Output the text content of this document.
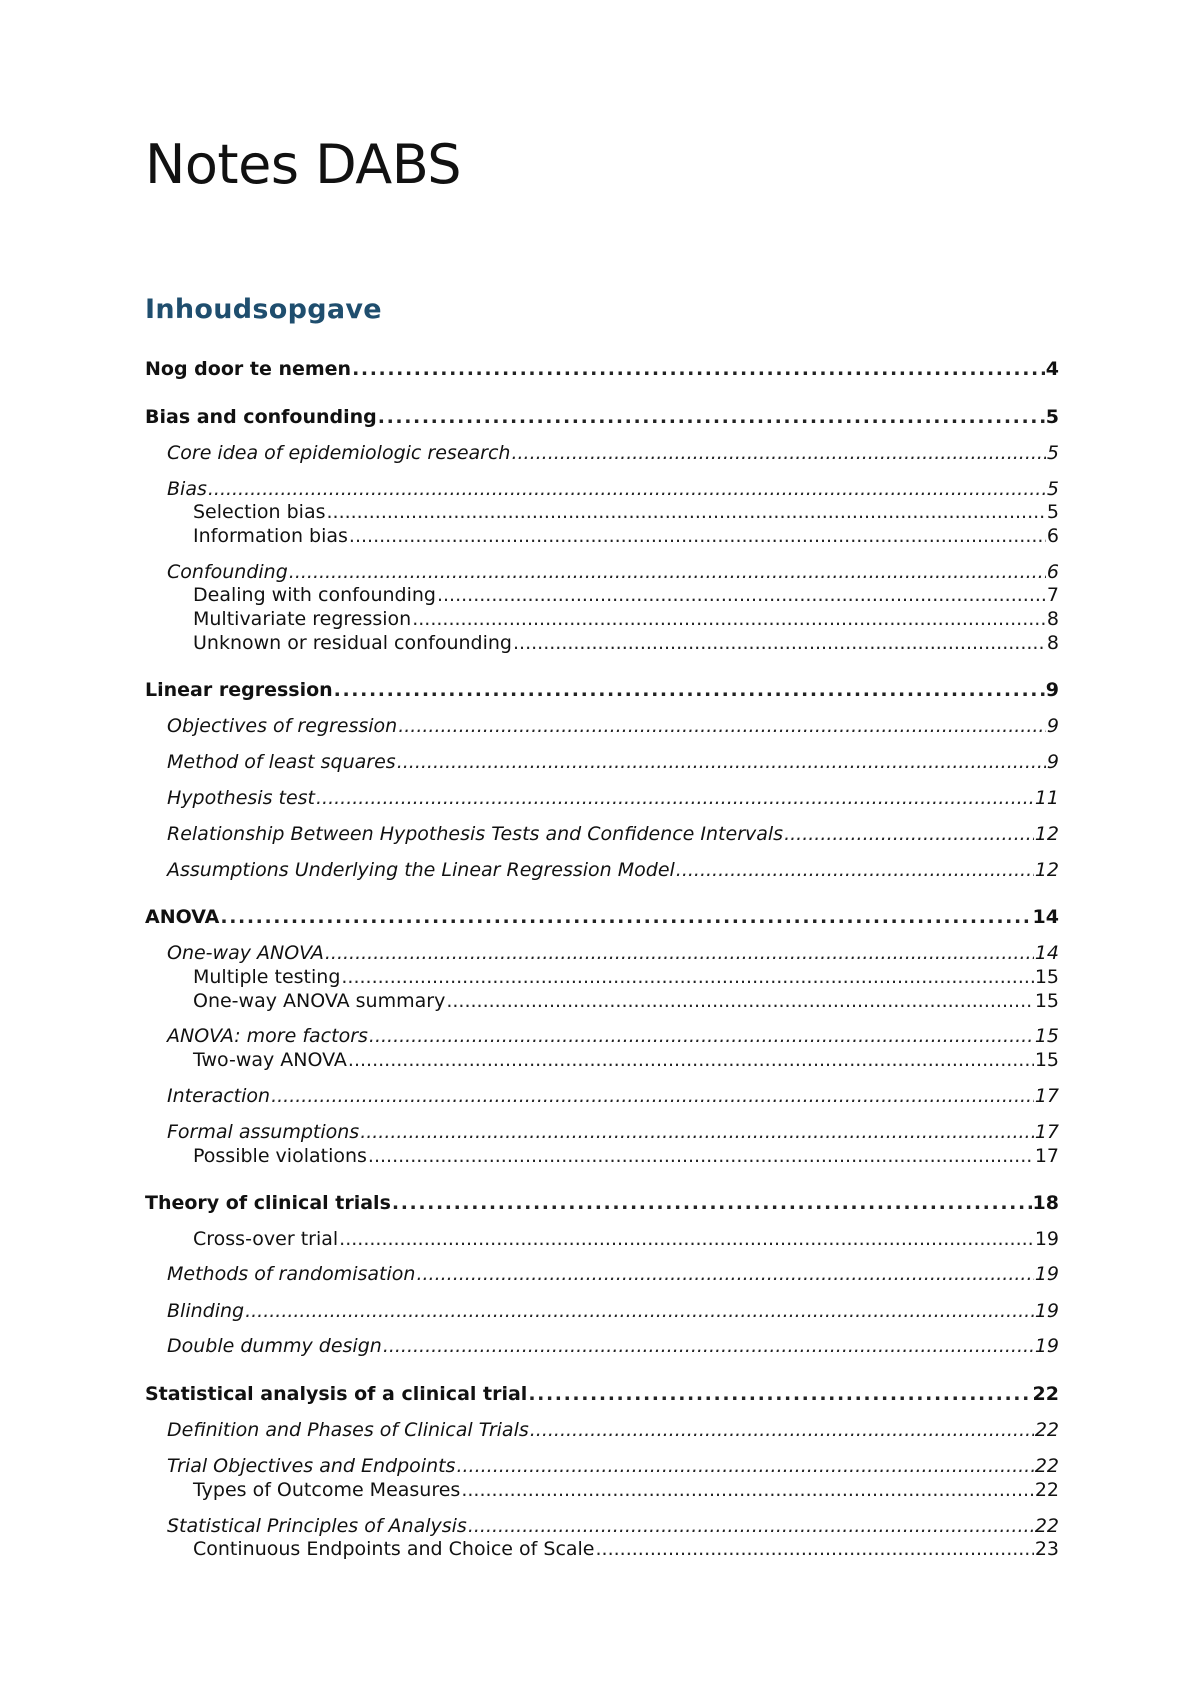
Notes DABS
Inhoudsopgave
Nog door te nemen .....	4
Bias and confounding .....	5
Core idea of epidemiologic research .....	5
Bias .....	5
Selection bias .....	5
Information bias .....	6
Confounding .....	6
Dealing with confounding .....	7
Multivariate regression .....	8
Unknown or residual confounding .....	8
Linear regression .....	9
Objectives of regression .....	9
Method of least squares .....	9
Hypothesis test .....	11
Relationship Between Hypothesis Tests and Confidence Intervals .....	12
Assumptions Underlying the Linear Regression Model .....	12
ANOVA .....	14
One-way ANOVA .....	14
Multiple testing .....	15
One-way ANOVA summary .....	15
ANOVA: more factors .....	15
Two-way ANOVA .....	15
Interaction .....	17
Formal assumptions .....	17
Possible violations .....	17
Theory of clinical trials .....	18
Cross-over trial .....	19
Methods of randomisation .....	19
Blinding .....	19
Double dummy design .....	19
Statistical analysis of a clinical trial .....	22
Definition and Phases of Clinical Trials .....	22
Trial Objectives and Endpoints .....	22
Types of Outcome Measures .....	22
Statistical Principles of Analysis .....	22
Continuous Endpoints and Choice of Scale .....	23
